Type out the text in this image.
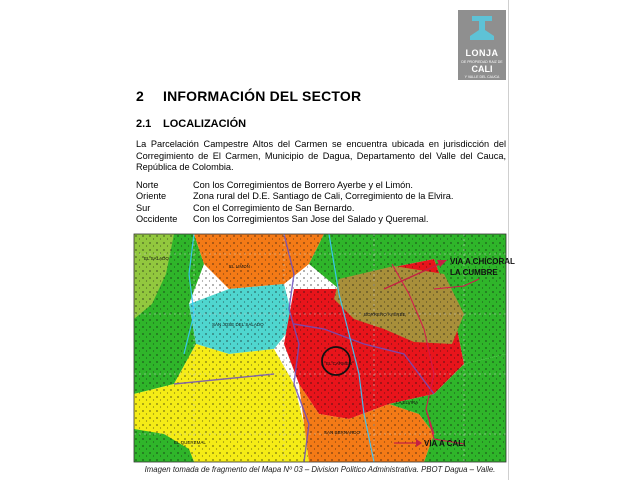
LONJA
DE PROPIEDAD RAIZ DE
CALI
Y VALLE DEL CAUCA
2 INFORMACIÓN DEL SECTOR
2.1 LOCALIZACIÓN

La Parcelación Campestre Altos del Carmen se encuentra ubicada en jurisdicción del Corregimiento de El Carmen, Municipio de Dagua, Departamento del Valle del Cauca, República de Colombia.

Norte	Con los Corregimientos de Borrero Ayerbe y el Limón.
Oriente	Zona rural del D.E. Santiago de Cali, Corregimiento de la Elvira.
Sur	Con el Corregimiento de San Bernardo.
Occidente	Con los Corregimientos San Jose del Salado y Queremal.
VIA A CHICORAL
LA CUMBRE
VIA A CALI
EL CARMEN
SAN JOSE DEL SALADO
EL QUEREMAL
SAN BERNARDO
BORRERO AYERBE
LA ELVIRA
EL LIMON
EL SALADO
Imagen tomada de fragmento del Mapa Nº 03 – Division Politico Administrativa. PBOT Dagua – Valle.
